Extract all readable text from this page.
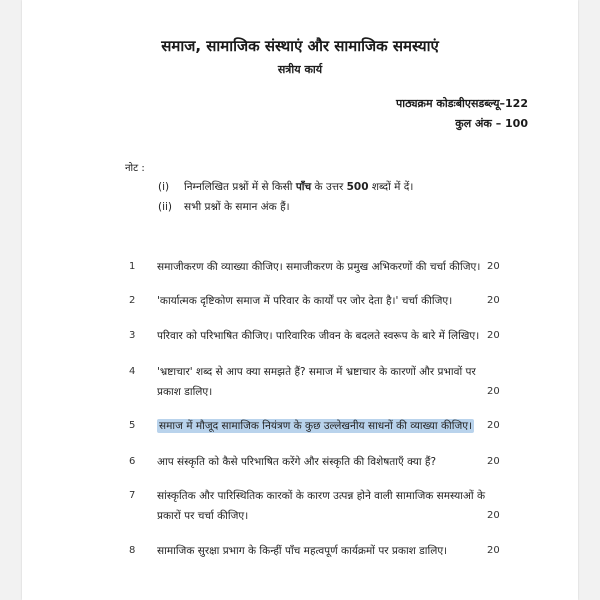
समाज, सामाजिक संस्थाएं और सामाजिक समस्याएं
सत्रीय कार्य
पाठ्यक्रम कोडःबीएसडब्ल्यू–122
कुल अंक – 100
नोट :
(i) निम्नलिखित प्रश्नों में से किसी पाँच के उत्तर 500 शब्दों में दें।
(ii) सभी प्रश्नों के समान अंक हैं।
1 समाजीकरण की व्याख्या कीजिए। समाजीकरण के प्रमुख अभिकरणों की चर्चा कीजिए। 20
2 'कार्यात्मक दृष्टिकोण समाज में परिवार के कार्यों पर जोर देता है।' चर्चा कीजिए।	20
3 परिवार को परिभाषित कीजिए। पारिवारिक जीवन के बदलते स्वरूप के बारे में लिखिए। 20
4 'भ्रष्टाचार' शब्द से आप क्या समझते हैं? समाज में भ्रष्टाचार के कारणों और प्रभावों पर प्रकाश डालिए।	20
5 समाज में मौजूद सामाजिक नियंत्रण के कुछ उल्लेखनीय साधनों की व्याख्या कीजिए।	20
6 आप संस्कृति को कैसे परिभाषित करेंगे और संस्कृति की विशेषताएँ क्या हैं?	20
7 सांस्कृतिक और पारिस्थितिक कारकों के कारण उत्पन्न होने वाली सामाजिक समस्याओं के प्रकारों पर चर्चा कीजिए।	20
8 सामाजिक सुरक्षा प्रभाग के किन्हीं पाँच महत्वपूर्ण कार्यक्रमों पर प्रकाश डालिए।	20
